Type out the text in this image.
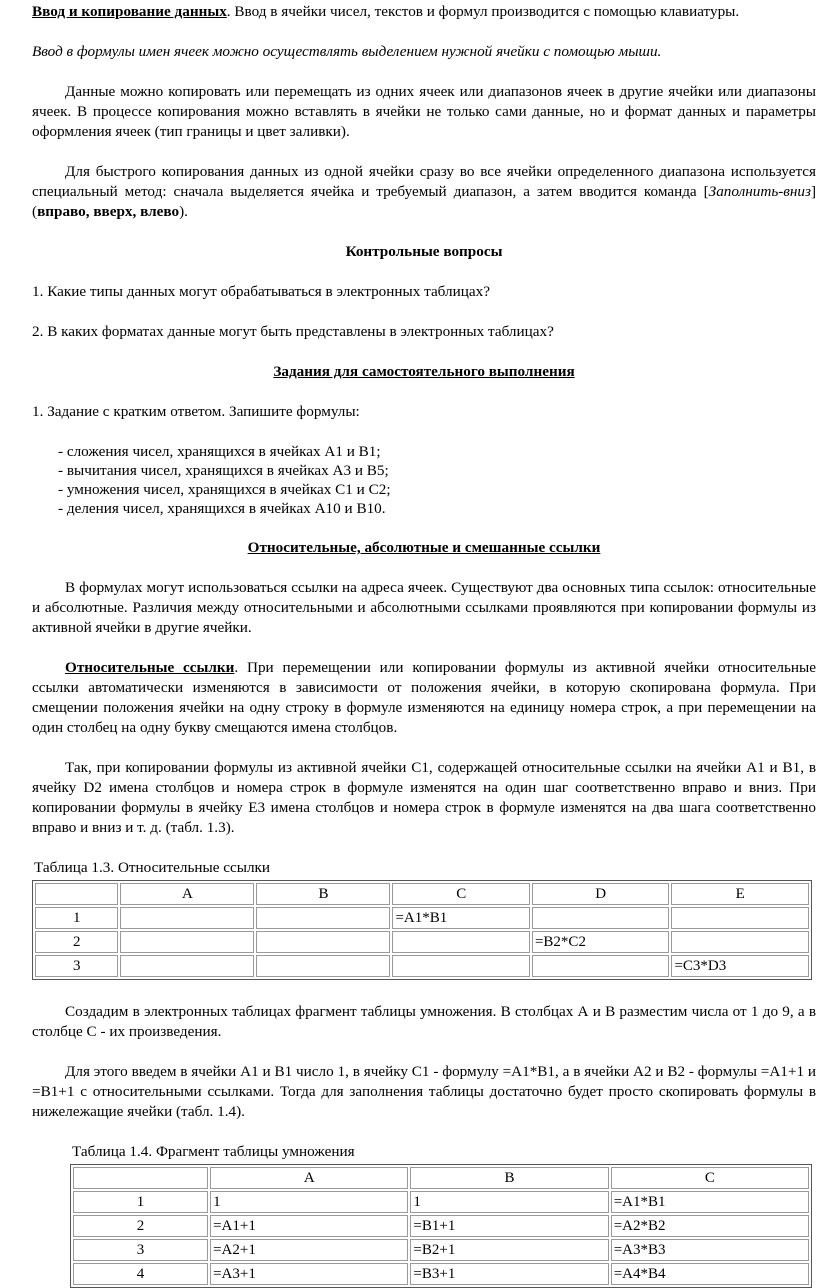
Ввод и копирование данных. Ввод в ячейки чисел, текстов и формул производится с помощью клавиатуры.

Ввод в формулы имен ячеек можно осуществлять выделением нужной ячейки с помощью мыши.

Данные можно копировать или перемещать из одних ячеек или диапазонов ячеек в другие ячейки или диапазоны ячеек. В процессе копирования можно вставлять в ячейки не только сами данные, но и формат данных и параметры оформления ячеек (тип границы и цвет заливки).

Для быстрого копирования данных из одной ячейки сразу во все ячейки определенного диапазона используется специальный метод: сначала выделяется ячейка и требуемый диапазон, а затем вводится команда [Заполнить-вниз] (вправо, вверх, влево).

Контрольные вопросы

1. Какие типы данных могут обрабатываться в электронных таблицах?

2. В каких форматах данные могут быть представлены в электронных таблицах?

Задания для самостоятельного выполнения

1. Задание с кратким ответом. Запишите формулы:

- сложения чисел, хранящихся в ячейках A1 и B1;
- вычитания чисел, хранящихся в ячейках A3 и B5;
- умножения чисел, хранящихся в ячейках C1 и C2;
- деления чисел, хранящихся в ячейках A10 и B10.

Относительные, абсолютные и смешанные ссылки

В формулах могут использоваться ссылки на адреса ячеек. Существуют два основных типа ссылок: относительные и абсолютные. Различия между относительными и абсолютными ссылками проявляются при копировании формулы из активной ячейки в другие ячейки.

Относительные ссылки. При перемещении или копировании формулы из активной ячейки относительные ссылки автоматически изменяются в зависимости от положения ячейки, в которую скопирована формула. При смещении положения ячейки на одну строку в формуле изменяются на единицу номера строк, а при перемещении на один столбец на одну букву смещаются имена столбцов.

Так, при копировании формулы из активной ячейки C1, содержащей относительные ссылки на ячейки A1 и B1, в ячейку D2 имена столбцов и номера строк в формуле изменятся на один шаг соответственно вправо и вниз. При копировании формулы в ячейку E3 имена столбцов и номера строк в формуле изменятся на два шага соответственно вправо и вниз и т. д. (табл. 1.3).

Таблица 1.3. Относительные ссылки

	A	B	C	D	E
1			=A1*B1		
2				=B2*C2	
3					=C3*D3

Создадим в электронных таблицах фрагмент таблицы умножения. В столбцах А и В разместим числа от 1 до 9, а в столбце С - их произведения.

Для этого введем в ячейки A1 и B1 число 1, в ячейку C1 - формулу =A1*B1, а в ячейки A2 и B2 - формулы =A1+1 и =B1+1 с относительными ссылками. Тогда для заполнения таблицы достаточно будет просто скопировать формулы в нижележащие ячейки (табл. 1.4).

Таблица 1.4. Фрагмент таблицы умножения

	A	B	C
1	1	1	=A1*B1
2	=A1+1	=B1+1	=A2*B2
3	=A2+1	=B2+1	=A3*B3
4	=A3+1	=B3+1	=A4*B4
